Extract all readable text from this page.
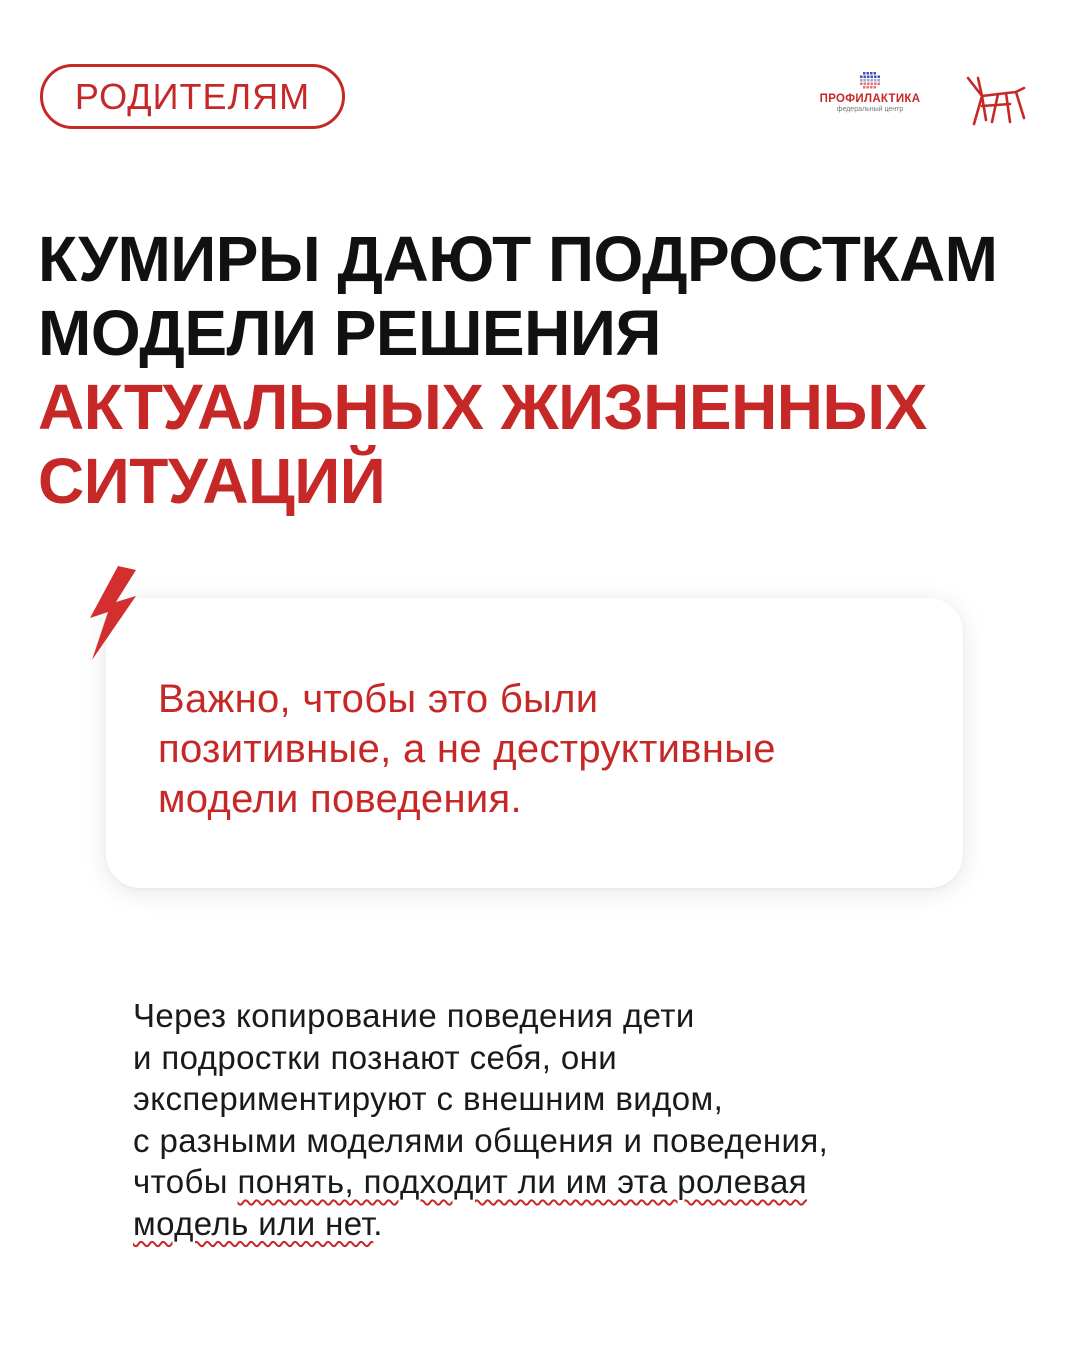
РОДИТЕЛЯМ	ПРОФИЛАКТИКА
федеральный центр
КУМИРЫ ДАЮТ ПОДРОСТКАМ
МОДЕЛИ РЕШЕНИЯ
АКТУАЛЬНЫХ ЖИЗНЕННЫХ
СИТУАЦИЙ
Важно, чтобы это были
позитивные, а не деструктивные
модели поведения.
Через копирование поведения дети
и подростки познают себя, они
экспериментируют с внешним видом,
с разными моделями общения и поведения,
чтобы понять, подходит ли им эта ролевая
модель или нет.
